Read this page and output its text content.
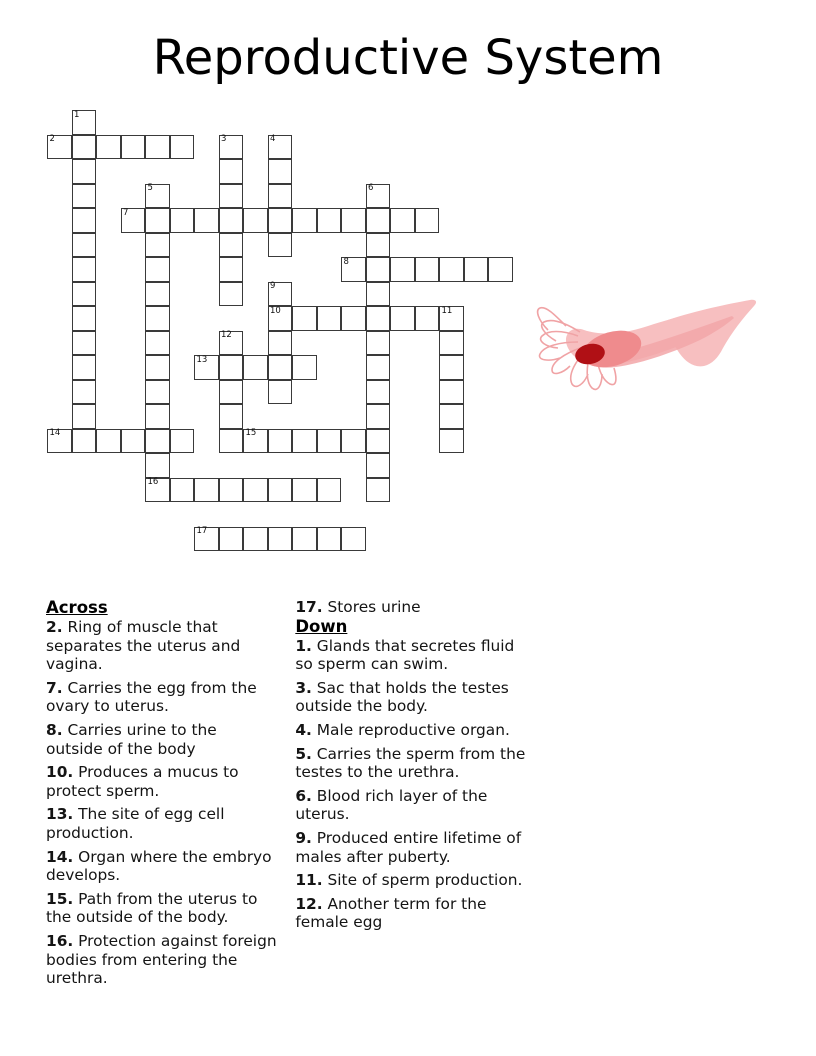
Reproductive System
1
2	3	4
5	6
7
8
9
10	11
12
13
14	15
16
17
Across

2. Ring of muscle that separates the uterus and vagina.

7. Carries the egg from the ovary to uterus.

8. Carries urine to the outside of the body

10. Produces a mucus to protect sperm.

13. The site of egg cell production.

14. Organ where the embryo develops.

15. Path from the uterus to the outside of the body.

16. Protection against foreign bodies from entering the urethra.

17. Stores urine

Down

1. Glands that secretes fluid so sperm can swim.

3. Sac that holds the testes outside the body.

4. Male reproductive organ.

5. Carries the sperm from the testes to the urethra.

6. Blood rich layer of the uterus.

9. Produced entire lifetime of males after puberty.

11. Site of sperm production.

12. Another term for the female egg
